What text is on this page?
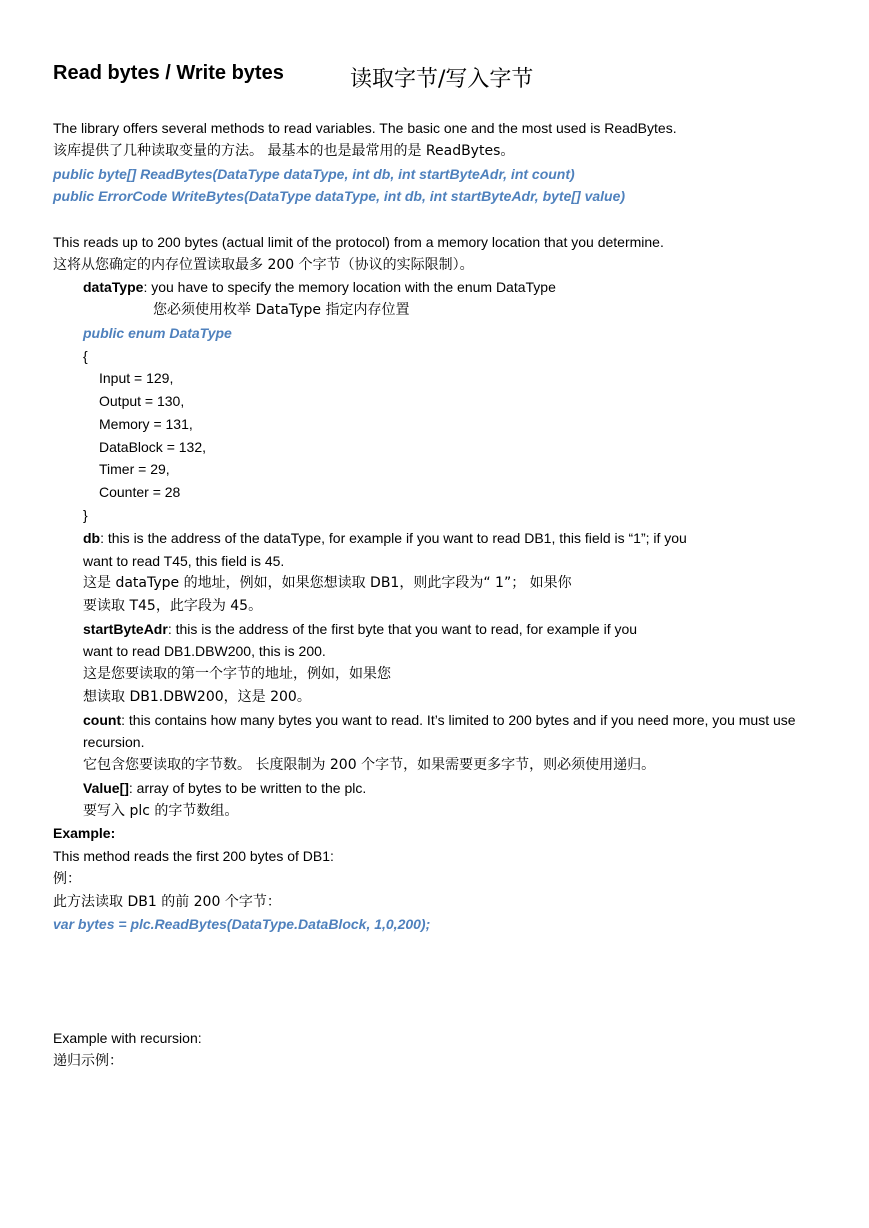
Read bytes / Write bytes	读取字节/写入字节
The library offers several methods to read variables. The basic one and the most used is ReadBytes.
该库提供了几种读取变量的方法。 最基本的也是最常用的是 ReadBytes。
public byte[] ReadBytes(DataType dataType, int db, int startByteAdr, int count)
public ErrorCode WriteBytes(DataType dataType, int db, int startByteAdr, byte[] value)
This reads up to 200 bytes (actual limit of the protocol) from a memory location that you determine.
这将从您确定的内存位置读取最多 200 个字节（协议的实际限制）。
dataType: you have to specify the memory location with the enum DataType
您必须使用枚举 DataType 指定内存位置
public enum DataType
{
Input = 129,
Output = 130,
Memory = 131,
DataBlock = 132,
Timer = 29,
Counter = 28
}
db: this is the address of the dataType, for example if you want to read DB1, this field is “1”; if you
want to read T45, this field is 45.
这是 dataType 的地址，例如，如果您想读取 DB1，则此字段为“ 1”； 如果你
要读取 T45，此字段为 45。
startByteAdr: this is the address of the first byte that you want to read, for example if you
want to read DB1.DBW200, this is 200.
这是您要读取的第一个字节的地址，例如，如果您
想读取 DB1.DBW200，这是 200。
count: this contains how many bytes you want to read. It’s limited to 200 bytes and if you need more, you must use
recursion.
它包含您要读取的字节数。 长度限制为 200 个字节，如果需要更多字节，则必须使用递归。
Value[]: array of bytes to be written to the plc.
要写入 plc 的字节数组。
Example:
This method reads the first 200 bytes of DB1:
例：
此方法读取 DB1 的前 200 个字节：
var bytes = plc.ReadBytes(DataType.DataBlock, 1,0,200);
Example with recursion:
递归示例：
